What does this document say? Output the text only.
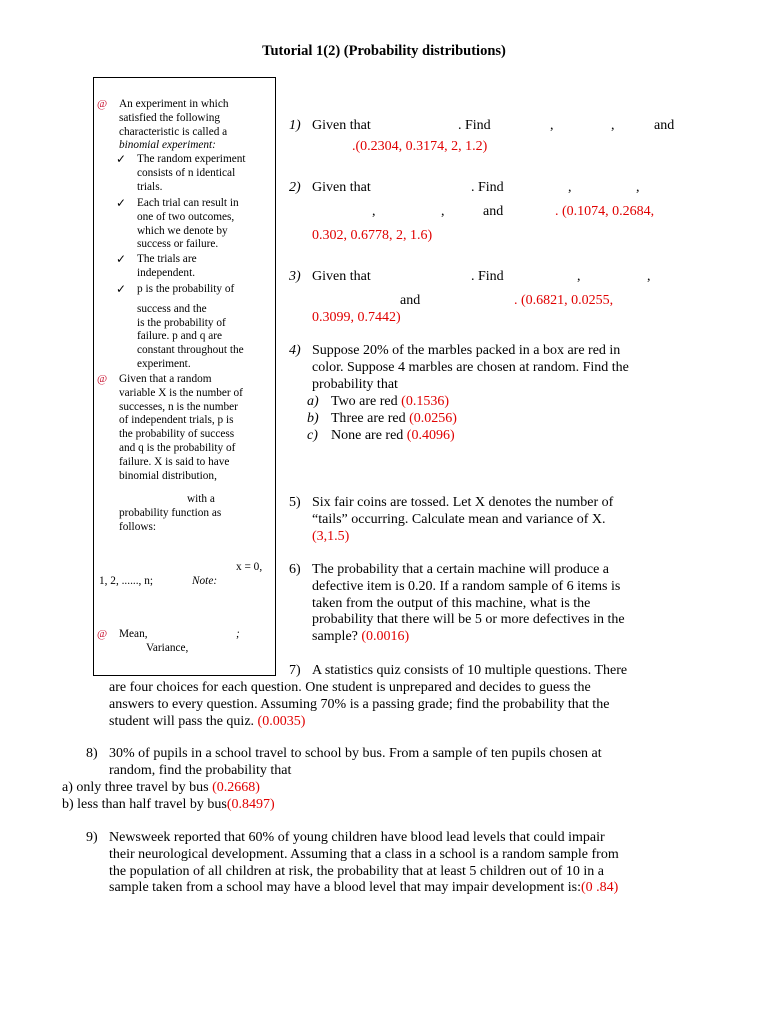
Tutorial 1(2) (Probability distributions)
@ An experiment in which
satisfied the following
characteristic is called a
binomial experiment:
✓ The random experiment
consists of n identical
trials.
✓ Each trial can result in
one of two outcomes,
which we denote by
success or failure.
✓ The trials are
independent.
✓ p is the probability of
success and the
is the probability of
failure. p and q are
constant throughout the
experiment.
@ Given that a random
variable X is the number of
successes, n is the number
of independent trials, p is
the probability of success
and q is the probability of
failure. X is said to have
binomial distribution,
with a
probability function as
follows:
x = 0,
1, 2, ......, n;	Note:
@ Mean,	;
Variance,
1) Given that	. Find	,	,	and
.(0.2304, 0.3174, 2, 1.2)
2) Given that	. Find	,	,
,	,	and	. (0.1074, 0.2684,
0.302, 0.6778, 2, 1.6)
3) Given that	. Find	,	,
and	. (0.6821, 0.0255,
0.3099, 0.7442)
4) Suppose 20% of the marbles packed in a box are red in
color. Suppose 4 marbles are chosen at random. Find the
probability that
a) Two are red (0.1536)
b) Three are red (0.0256)
c) None are red (0.4096)
5) Six fair coins are tossed. Let X denotes the number of
“tails” occurring. Calculate mean and variance of X.
(3,1.5)
6) The probability that a certain machine will produce a
defective item is 0.20. If a random sample of 6 items is
taken from the output of this machine, what is the
probability that there will be 5 or more defectives in the
sample? (0.0016)
7) A statistics quiz consists of 10 multiple questions. There
are four choices for each question. One student is unprepared and decides to guess the
answers to every question. Assuming 70% is a passing grade; find the probability that the
student will pass the quiz. (0.0035)
8) 30% of pupils in a school travel to school by bus. From a sample of ten pupils chosen at
random, find the probability that
a) only three travel by bus (0.2668)
b) less than half travel by bus(0.8497)
9) Newsweek reported that 60% of young children have blood lead levels that could impair
their neurological development. Assuming that a class in a school is a random sample from
the population of all children at risk, the probability that at least 5 children out of 10 in a
sample taken from a school may have a blood level that may impair development is:(0 .84)
